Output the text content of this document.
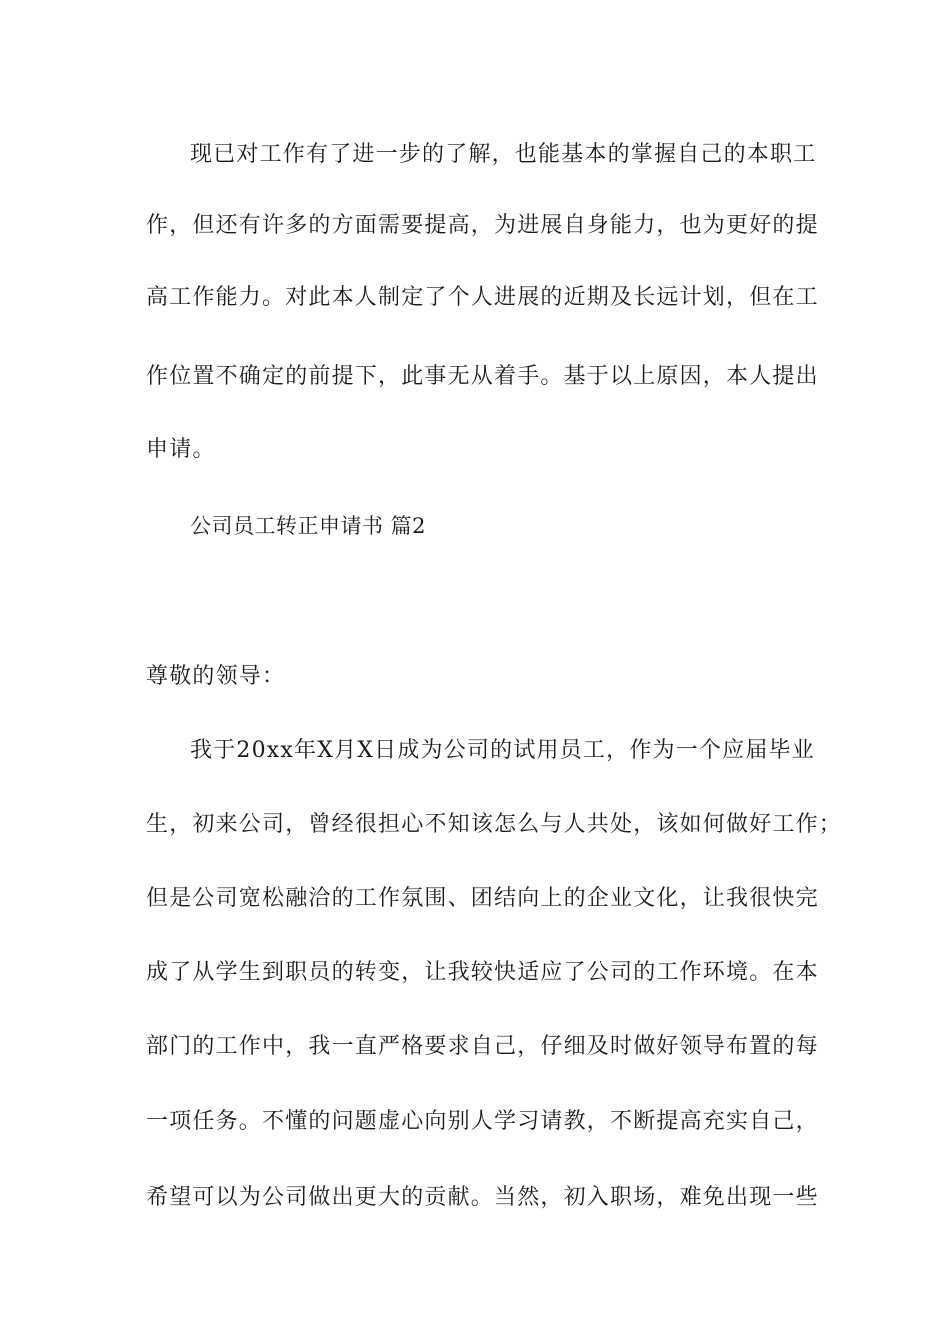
现已对工作有了进一步的了解，也能基本的掌握自己的本职工
作，但还有许多的方面需要提高，为进展自身能力，也为更好的提
高工作能力。对此本人制定了个人进展的近期及长远计划，但在工
作位置不确定的前提下，此事无从着手。基于以上原因，本人提出
申请。
公司员工转正申请书 篇2
尊敬的领导：
我于20xx年X月X日成为公司的试用员工，作为一个应届毕业
生，初来公司，曾经很担心不知该怎么与人共处，该如何做好工作；
但是公司宽松融洽的工作氛围、团结向上的企业文化，让我很快完
成了从学生到职员的转变，让我较快适应了公司的工作环境。在本
部门的工作中，我一直严格要求自己，仔细及时做好领导布置的每
一项任务。不懂的问题虚心向别人学习请教，不断提高充实自己，
希望可以为公司做出更大的贡献。当然，初入职场，难免出现一些
